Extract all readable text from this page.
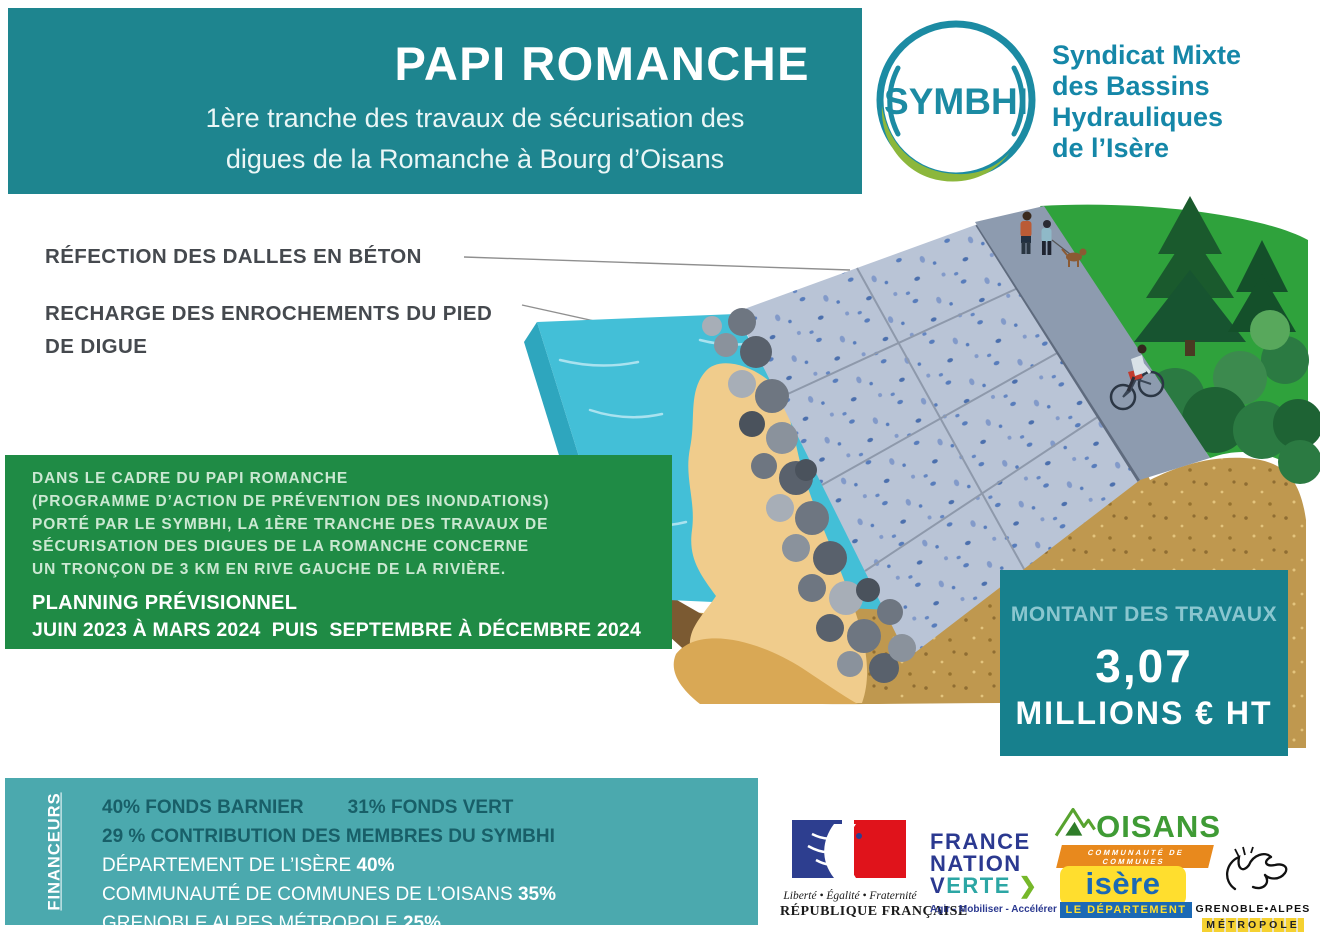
PAPI ROMANCHE
1ère tranche des travaux de sécurisation des
digues de la Romanche à Bourg d’Oisans
SYMBHI
Syndicat Mixte
des Bassins
Hydrauliques
de l’Isère
RÉFECTION DES DALLES EN BÉTON
RECHARGE DES ENROCHEMENTS DU PIED
DE DIGUE
DANS LE CADRE DU PAPI ROMANCHE
(PROGRAMME D’ACTION DE PRÉVENTION DES INONDATIONS)
PORTÉ PAR LE SYMBHI, LA 1ÈRE TRANCHE DES TRAVAUX DE
SÉCURISATION DES DIGUES DE LA ROMANCHE CONCERNE
UN TRONÇON DE 3 KM EN RIVE GAUCHE DE LA RIVIÈRE.
PLANNING PRÉVISIONNEL
JUIN 2023 À MARS 2024  PUIS  SEPTEMBRE À DÉCEMBRE 2024
MONTANT DES TRAVAUX
3,07
MILLIONS € HT
FINANCEURS 40% FONDS BARNIER 31% FONDS VERT
29 % CONTRIBUTION DES MEMBRES DU SYMBHI
DÉPARTEMENT DE L’ISÈRE 40%
COMMUNAUTÉ DE COMMUNES DE L’OISANS 35%
GRENOBLE ALPES MÉTROPOLE 25%
Liberté • Égalité • Fraternité
RÉPUBLIQUE FRANÇAISE
FRANCE
NATION
VERTE ❯
Agir - Mobiliser - Accélérer
OISANS
COMMUNAUTÉ DE COMMUNES
isère
LE DÉPARTEMENT GRENOBLE•ALPES
MÉTROPOLE
